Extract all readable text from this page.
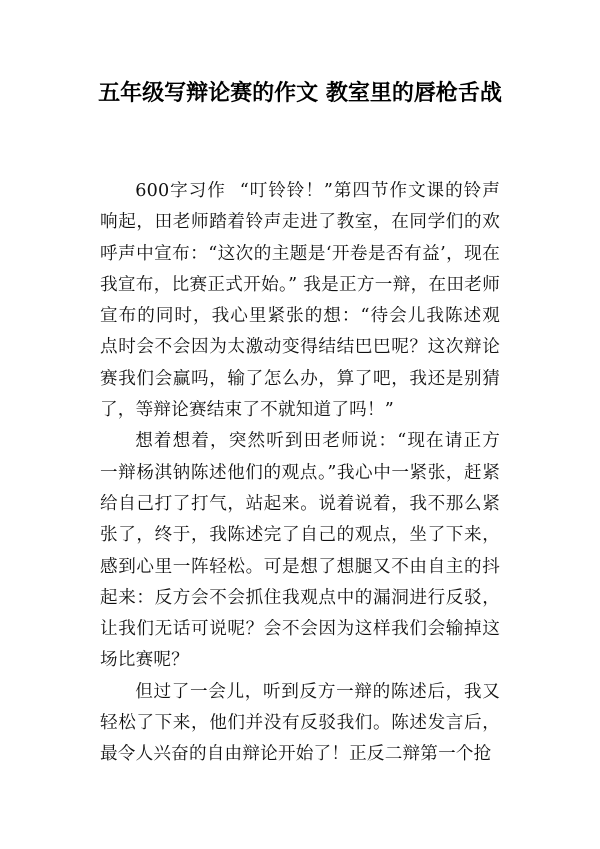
五年级写辩论赛的作文 教室里的唇枪舌战

600字习作 “叮铃铃！”第四节作文课的铃声响起，田老师踏着铃声走进了教室，在同学们的欢呼声中宣布：“这次的主题是‘开卷是否有益’，现在我宣布，比赛正式开始。” 我是正方一辩，在田老师宣布的同时，我心里紧张的想：“待会儿我陈述观点时会不会因为太激动变得结结巴巴呢？这次辩论赛我们会赢吗，输了怎么办，算了吧，我还是别猜了，等辩论赛结束了不就知道了吗！”

想着想着，突然听到田老师说：“现在请正方一辩杨淇钠陈述他们的观点。”我心中一紧张，赶紧给自己打了打气，站起来。说着说着，我不那么紧张了，终于，我陈述完了自己的观点，坐了下来，感到心里一阵轻松。可是想了想腿又不由自主的抖起来：反方会不会抓住我观点中的漏洞进行反驳，让我们无话可说呢？会不会因为这样我们会输掉这场比赛呢？

但过了一会儿，听到反方一辩的陈述后，我又轻松了下来，他们并没有反驳我们。陈述发言后，最令人兴奋的自由辩论开始了！正反二辩第一个抢
